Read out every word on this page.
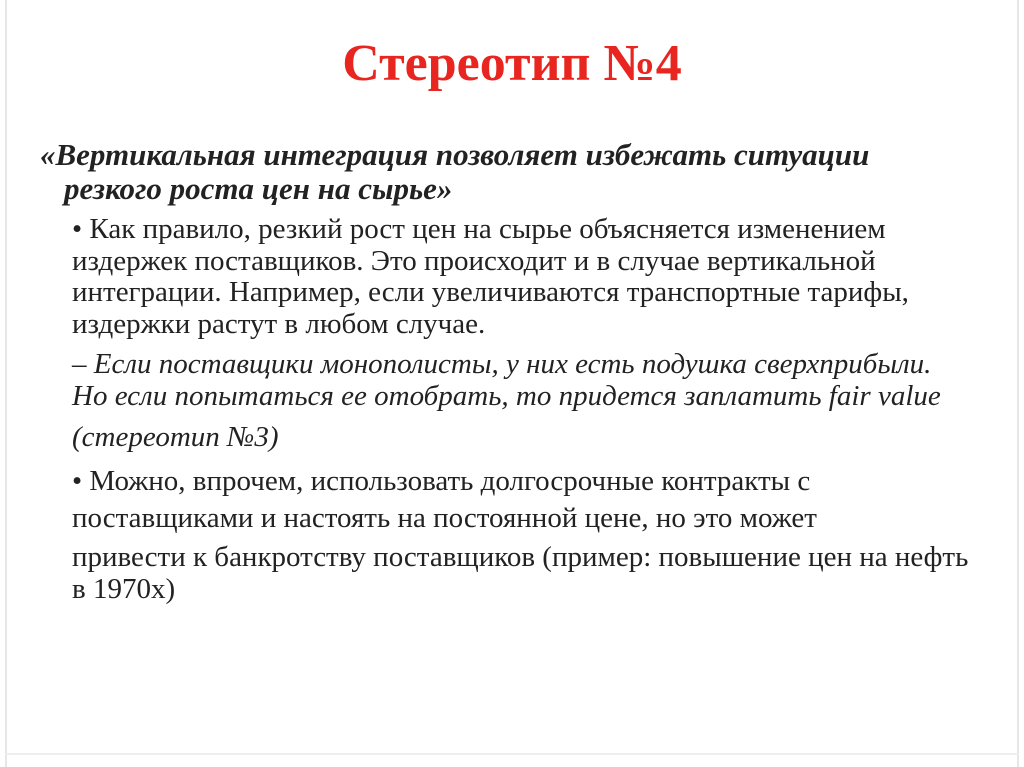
Стереотип №4

«Вертикальная интеграция позволяет избежать ситуации
резкого роста цен на сырье»

• Как правило, резкий рост цен на сырье объясняется изменением издержек поставщиков. Это происходит и в случае вертикальной интеграции. Например, если увеличиваются транспортные тарифы, издержки растут в любом случае.

– Если поставщики монополисты, у них есть подушка сверхприбыли. Но если попытаться ее отобрать, то придется заплатить fair value

(стереотип №3)

• Можно, впрочем, использовать долгосрочные контракты с
поставщиками и настоять на постоянной цене, но это может
привести к банкротству поставщиков (пример: повышение цен на нефть в 1970х)
